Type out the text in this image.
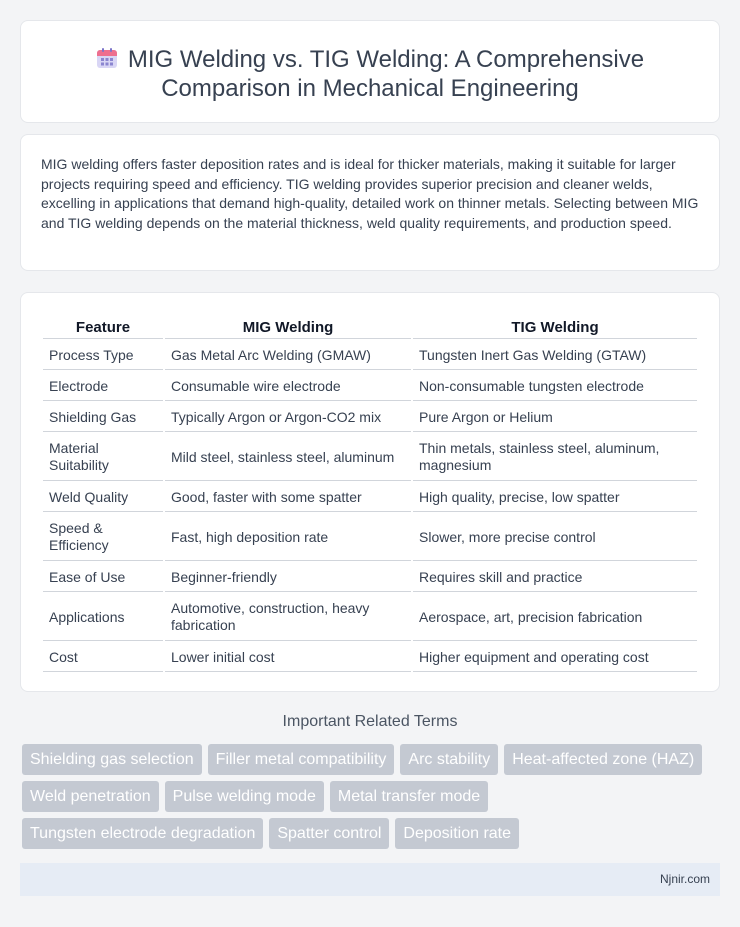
MIG Welding vs. TIG Welding: A Comprehensive
Comparison in Mechanical Engineering

MIG welding offers faster deposition rates and is ideal for thicker materials, making it suitable for larger projects requiring speed and efficiency. TIG welding provides superior precision and cleaner welds, excelling in applications that demand high-quality, detailed work on thinner metals. Selecting between MIG and TIG welding depends on the material thickness, weld quality requirements, and production speed.

Feature	MIG Welding	TIG Welding
Process Type	Gas Metal Arc Welding (GMAW)	Tungsten Inert Gas Welding (GTAW)
Electrode	Consumable wire electrode	Non-consumable tungsten electrode
Shielding Gas	Typically Argon or Argon-CO2 mix	Pure Argon or Helium
Material Suitability	Mild steel, stainless steel, aluminum	Thin metals, stainless steel, aluminum, magnesium
Weld Quality	Good, faster with some spatter	High quality, precise, low spatter
Speed & Efficiency	Fast, high deposition rate	Slower, more precise control
Ease of Use	Beginner-friendly	Requires skill and practice
Applications	Automotive, construction, heavy fabrication	Aerospace, art, precision fabrication
Cost	Lower initial cost	Higher equipment and operating cost
Important Related Terms
Shielding gas selection	Filler metal compatibility	Arc stability	Heat-affected zone (HAZ)
Weld penetration	Pulse welding mode	Metal transfer mode
Tungsten electrode degradation	Spatter control	Deposition rate
Njnir.com
